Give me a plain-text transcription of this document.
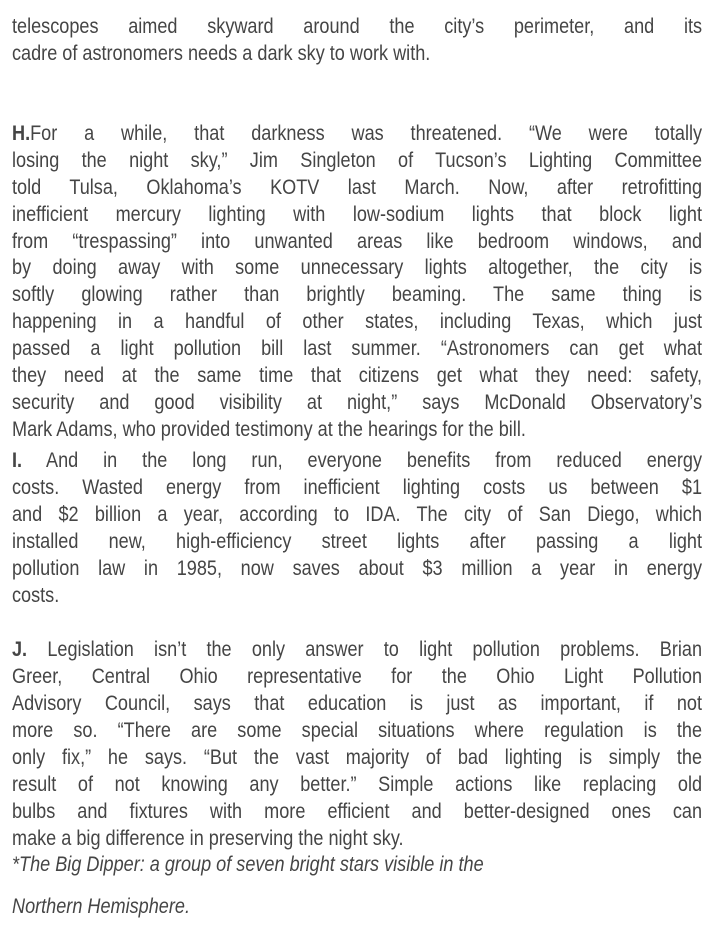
telescopes aimed skyward around the city’s perimeter, and its
cadre of astronomers needs a dark sky to work with.
H.For a while, that darkness was threatened. “We were totally
losing the night sky,” Jim Singleton of Tucson’s Lighting Committee
told Tulsa, Oklahoma’s KOTV last March. Now, after retrofitting
inefficient mercury lighting with low-sodium lights that block light
from “trespassing” into unwanted areas like bedroom windows, and
by doing away with some unnecessary lights altogether, the city is
softly glowing rather than brightly beaming. The same thing is
happening in a handful of other states, including Texas, which just
passed a light pollution bill last summer. “Astronomers can get what
they need at the same time that citizens get what they need: safety,
security and good visibility at night,” says McDonald Observatory’s
Mark Adams, who provided testimony at the hearings for the bill.
I. And in the long run, everyone benefits from reduced energy
costs. Wasted energy from inefficient lighting costs us between $1
and $2 billion a year, according to IDA. The city of San Diego, which
installed new, high-efficiency street lights after passing a light
pollution law in 1985, now saves about $3 million a year in energy
costs.
J. Legislation isn’t the only answer to light pollution problems. Brian
Greer, Central Ohio representative for the Ohio Light Pollution
Advisory Council, says that education is just as important, if not
more so. “There are some special situations where regulation is the
only fix,” he says. “But the vast majority of bad lighting is simply the
result of not knowing any better.” Simple actions like replacing old
bulbs and fixtures with more efficient and better-designed ones can
make a big difference in preserving the night sky.
*The Big Dipper: a group of seven bright stars visible in the
Northern Hemisphere.
